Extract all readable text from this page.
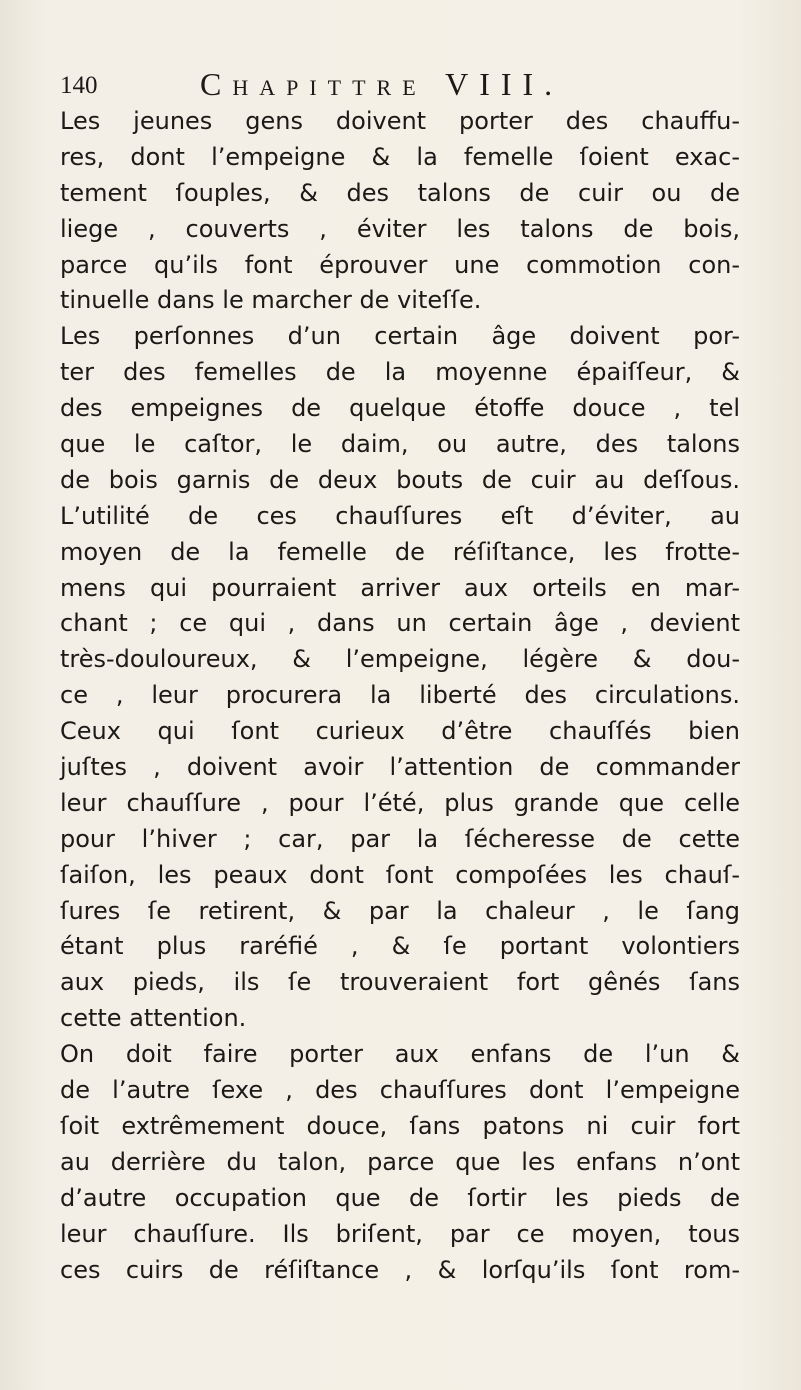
140	Chapittre VIII.
Les jeunes gens doivent porter des chauffu-
res, dont l’empeigne & la femelle ſoient exac-
tement ſouples, & des talons de cuir ou de
liege , couverts , éviter les talons de bois,
parce qu’ils font éprouver une commotion con-
tinuelle dans le marcher de viteſſe.
Les perſonnes d’un certain âge doivent por-
ter des femelles de la moyenne épaiſſeur, &
des empeignes de quelque étoffe douce , tel
que le caſtor, le daim, ou autre, des talons
de bois garnis de deux bouts de cuir au deſſous.
L’utilité de ces chauſſures eſt d’éviter, au
moyen de la femelle de réſiſtance, les frotte-
mens qui pourraient arriver aux orteils en mar-
chant ; ce qui , dans un certain âge , devient
très-douloureux, & l’empeigne, légère & dou-
ce , leur procurera la liberté des circulations.
Ceux qui ſont curieux d’être chauſſés bien
juſtes , doivent avoir l’attention de commander
leur chauſſure , pour l’été, plus grande que celle
pour l’hiver ; car, par la ſécheresse de cette
ſaiſon, les peaux dont ſont compoſées les chauſ-
ſures ſe retirent, & par la chaleur , le ſang
étant plus raréfié , & ſe portant volontiers
aux pieds, ils ſe trouveraient fort gênés ſans
cette attention.
On doit faire porter aux enfans de l’un &
de l’autre ſexe , des chauſſures dont l’empeigne
ſoit extrêmement douce, ſans patons ni cuir fort
au derrière du talon, parce que les enfans n’ont
d’autre occupation que de ſortir les pieds de
leur chauſſure. Ils briſent, par ce moyen, tous
ces cuirs de réſiſtance , & lorſqu’ils ſont rom-
